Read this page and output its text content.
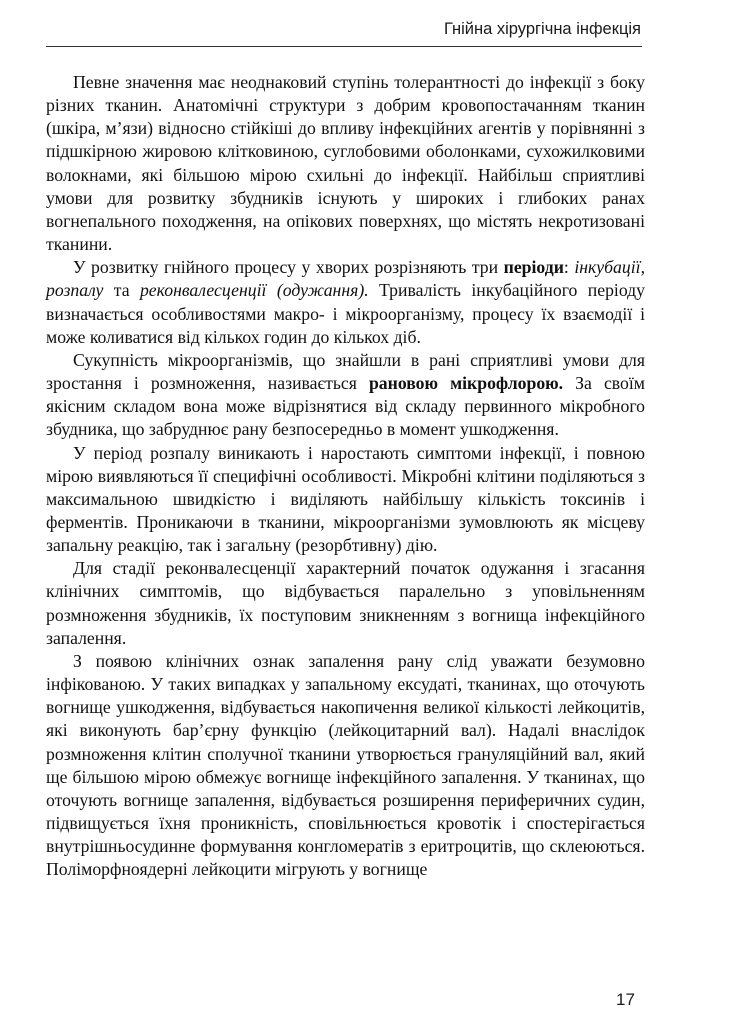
Гнійна хірургічна інфекція

Певне значення має неоднаковий ступінь толерантності до інфекції з боку різних тканин. Анатомічні структури з добрим кровопостачанням тканин (шкіра, м’язи) відносно стійкіші до впливу інфекційних агентів у порівнянні з підшкірною жировою клітковиною, суглобовими оболонками, сухожилковими волокнами, які більшою мірою схильні до інфекції. Найбільш сприятливі умови для розвитку збудників існують у широких і глибоких ранах вогнепального походження, на опікових поверхнях, що містять некротизовані тканини.

У розвитку гнійного процесу у хворих розрізняють три періоди: інкубації, розпалу та реконвалесценції (одужання). Тривалість інкубаційного періоду визначається особливостями макро- і мікроорганізму, процесу їх взаємодії і може коливатися від кількох годин до кількох діб.

Сукупність мікроорганізмів, що знайшли в рані сприятливі умови для зростання і розмноження, називається рановою мікрофлорою. За своїм якісним складом вона може відрізнятися від складу первинного мікробного збудника, що забруднює рану безпосередньо в момент ушкодження.

У період розпалу виникають і наростають симптоми інфекції, і повною мірою виявляються її специфічні особливості. Мікробні клітини поділяються з максимальною швидкістю і виділяють найбільшу кількість токсинів і ферментів. Проникаючи в тканини, мікроорганізми зумовлюють як місцеву запальну реакцію, так і загальну (резорбтивну) дію.

Для стадії реконвалесценції характерний початок одужання і згасання клінічних симптомів, що відбувається паралельно з уповільненням розмноження збудників, їх поступовим зникненням з вогнища інфекційного запалення.

З появою клінічних ознак запалення рану слід уважати безумовно інфікованою. У таких випадках у запальному ексудаті, тканинах, що оточують вогнище ушкодження, відбувається накопичення великої кількості лейкоцитів, які виконують бар’єрну функцію (лейкоцитарний вал). Надалі внаслідок розмноження клітин сполучної тканини утворюється грануляційний вал, який ще більшою мірою обмежує вогнище інфекційного запалення. У тканинах, що оточують вогнище запалення, відбувається розширення периферичних судин, підвищується їхня проникність, сповільнюється кровотік і спостерігається внутрішньосудинне формування конгломератів з еритроцитів, що склеюються. Поліморфноядерні лейкоцити мігрують у вогнище

17
